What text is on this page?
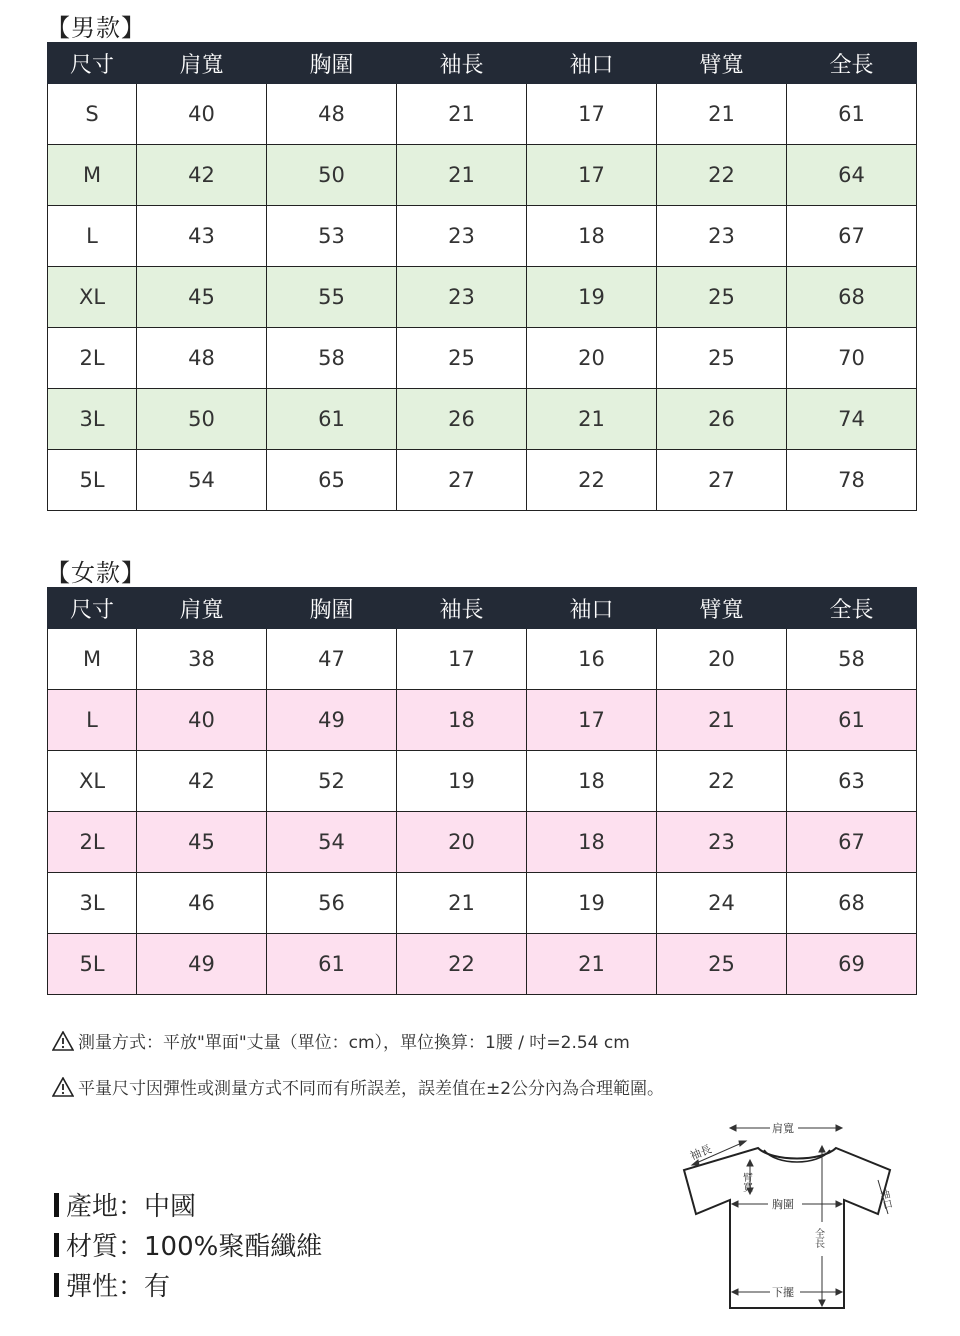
【男款】
尺寸	肩寬	胸圍	袖長	袖口	臂寬	全長
S	40	48	21	17	21	61
M	42	50	21	17	22	64
L	43	53	23	18	23	67
XL	45	55	23	19	25	68
2L	48	58	25	20	25	70
3L	50	61	26	21	26	74
5L	54	65	27	22	27	78
【女款】
尺寸	肩寬	胸圍	袖長	袖口	臂寬	全長
M	38	47	17	16	20	58
L	40	49	18	17	21	61
XL	42	52	19	18	22	63
2L	45	54	20	18	23	67
3L	46	56	21	19	24	68
5L	49	61	22	21	25	69
測量方式：平放"單面"丈量（單位：cm），單位換算：1腰 / 吋=2.54 cm
平量尺寸因彈性或測量方式不同而有所誤差，誤差值在±2公分內為合理範圍。
產地：中國
材質：100%聚酯纖維
彈性：有
肩寬
袖長
臂寬
胸圍
全長
袖口
下擺
